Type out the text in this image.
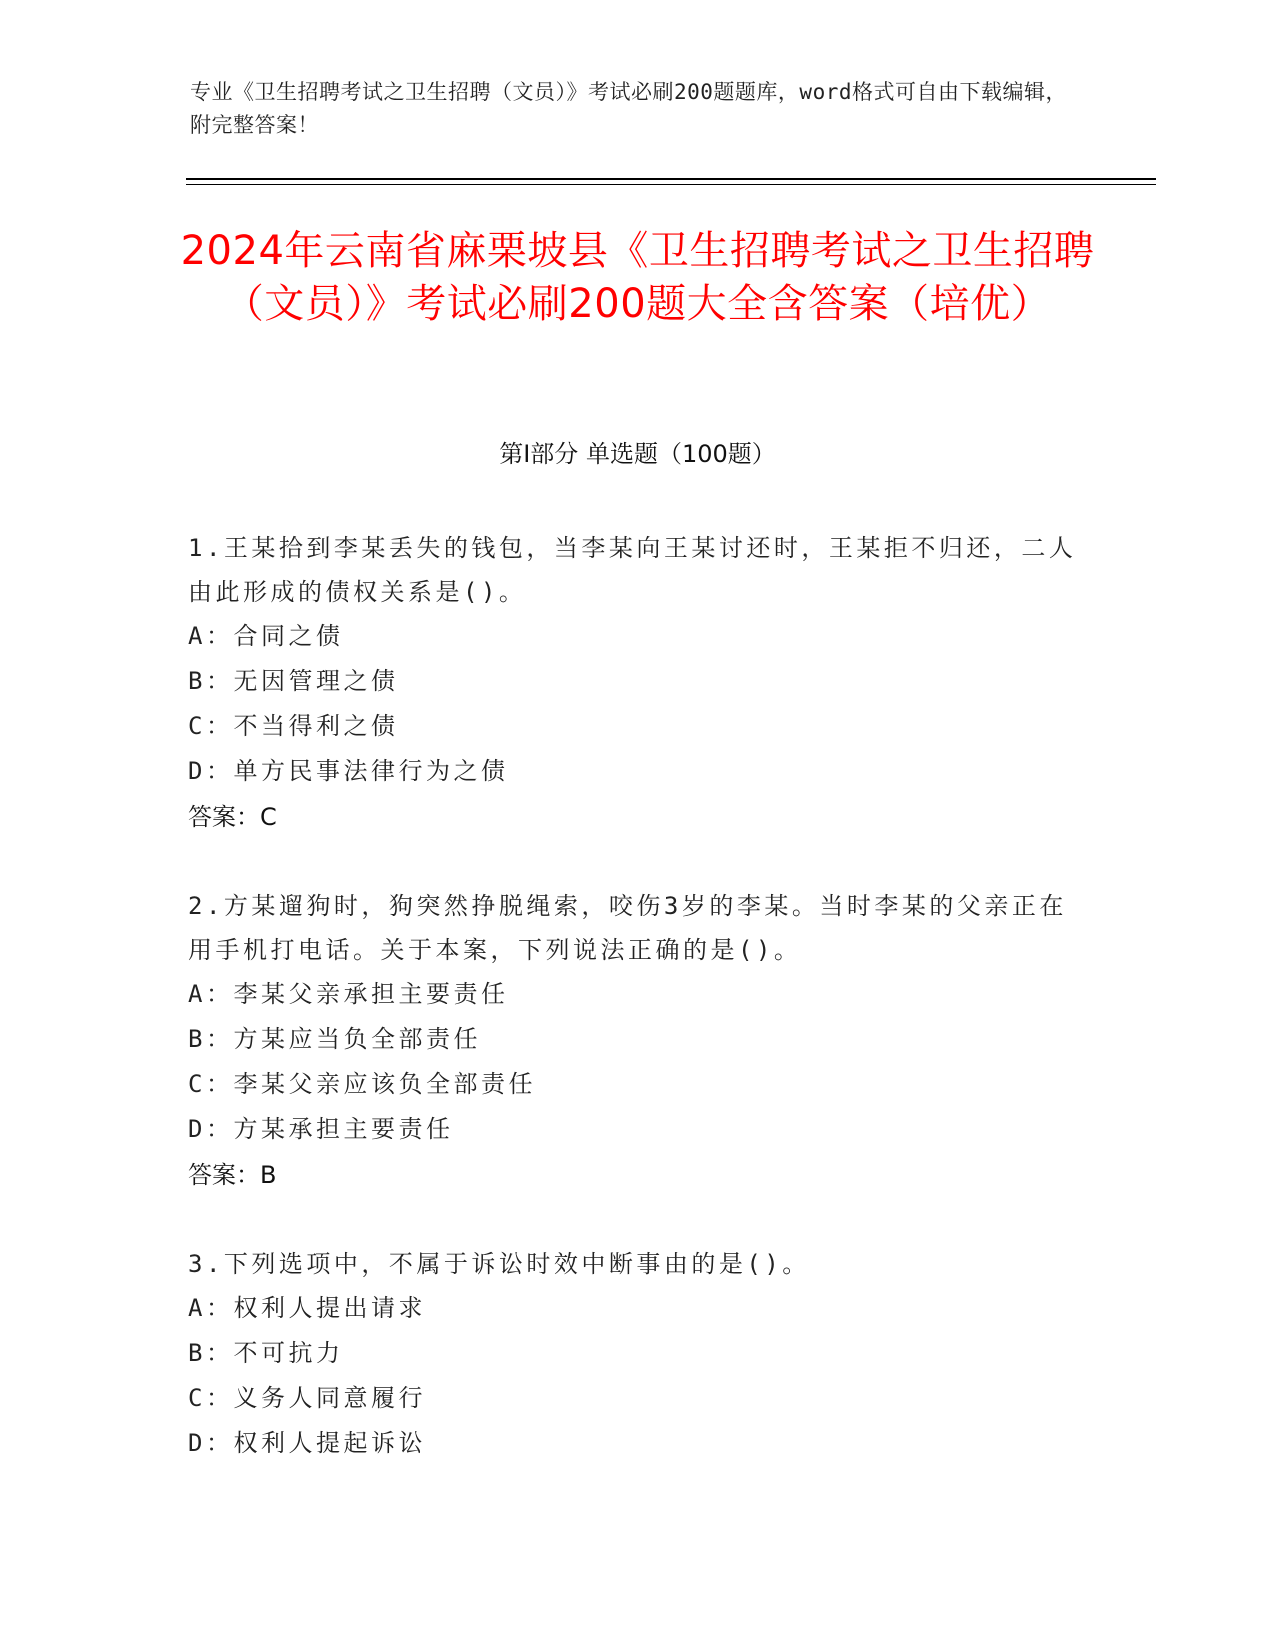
专业《卫生招聘考试之卫生招聘（文员）》考试必刷200题题库，word格式可自由下载编辑，附完整答案！
2024年云南省麻栗坡县《卫生招聘考试之卫生招聘（文员）》考试必刷200题大全含答案（培优）
第Ⅰ部分 单选题（100题）
1.王某拾到李某丢失的钱包，当李某向王某讨还时，王某拒不归还，二人由此形成的债权关系是()。
A：合同之债
B：无因管理之债
C：不当得利之债
D：单方民事法律行为之债
答案：C
2.方某遛狗时，狗突然挣脱绳索，咬伤3岁的李某。当时李某的父亲正在用手机打电话。关于本案，下列说法正确的是()。
A：李某父亲承担主要责任
B：方某应当负全部责任
C：李某父亲应该负全部责任
D：方某承担主要责任
答案：B
3.下列选项中，不属于诉讼时效中断事由的是()。
A：权利人提出请求
B：不可抗力
C：义务人同意履行
D：权利人提起诉讼
